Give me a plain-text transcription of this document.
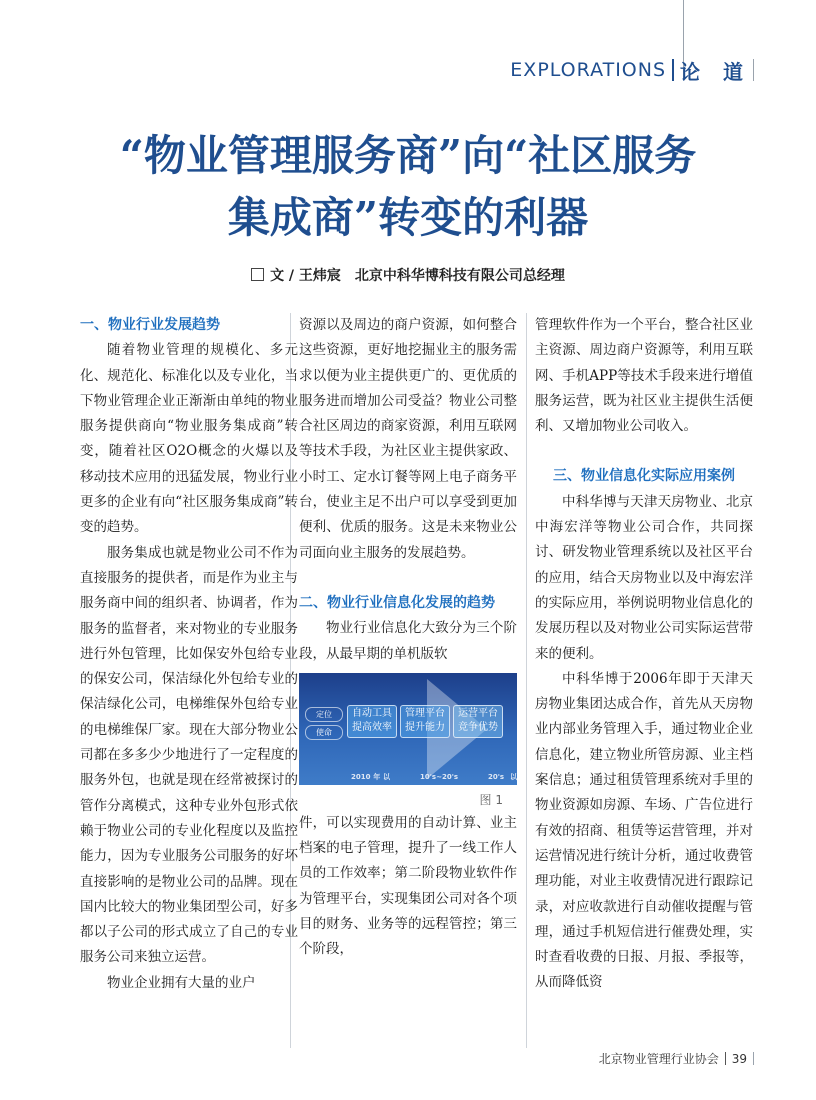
EXPLORATIONS 论 道
“物业管理服务商”向“社区服务
集成商”转变的利器
文 / 王炜宸　北京中科华博科技有限公司总经理
一、物业行业发展趋势

随着物业管理的规模化、多元化、规范化、标准化以及专业化，当下物业管理企业正渐渐由单纯的物业服务提供商向“物业服务集成商”转变，随着社区O2O概念的火爆以及移动技术应用的迅猛发展，物业行业更多的企业有向“社区服务集成商”转变的趋势。

服务集成也就是物业公司不作为直接服务的提供者，而是作为业主与服务商中间的组织者、协调者，作为服务的监督者，来对物业的专业服务进行外包管理，比如保安外包给专业的保安公司，保洁绿化外包给专业的保洁绿化公司，电梯维保外包给专业的电梯维保厂家。现在大部分物业公司都在多多少少地进行了一定程度的服务外包，也就是现在经常被探讨的管作分离模式，这种专业外包形式依赖于物业公司的专业化程度以及监控能力，因为专业服务公司服务的好坏直接影响的是物业公司的品牌。现在国内比较大的物业集团型公司，好多都以子公司的形式成立了自己的专业服务公司来独立运营。

物业企业拥有大量的业户

资源以及周边的商户资源，如何整合这些资源，更好地挖掘业主的服务需求以便为业主提供更广的、更优质的服务进而增加公司受益？物业公司整合社区周边的商家资源，利用互联网等技术手段，为社区业主提供家政、小时工、定水订餐等网上电子商务平台，使业主足不出户可以享受到更加便利、优质的服务。这是未来物业公司面向业主服务的发展趋势。

二、物业行业信息化发展的趋势

物业行业信息化大致分为三个阶段，从最早期的单机版软

定位
使命
自动工具提高效率
管理平台提升能力
运营平台竞争优势
2010年以	10's~20's	20's以
图 1

件，可以实现费用的自动计算、业主档案的电子管理，提升了一线工作人员的工作效率；第二阶段物业软件作为管理平台，实现集团公司对各个项目的财务、业务等的远程管控；第三个阶段，

管理软件作为一个平台，整合社区业主资源、周边商户资源等，利用互联网、手机APP等技术手段来进行增值服务运营，既为社区业主提供生活便利、又增加物业公司收入。

三、物业信息化实际应用案例

中科华博与天津天房物业、北京中海宏洋等物业公司合作，共同探讨、研发物业管理系统以及社区平台的应用，结合天房物业以及中海宏洋的实际应用，举例说明物业信息化的发展历程以及对物业公司实际运营带来的便利。

中科华博于2006年即于天津天房物业集团达成合作，首先从天房物业内部业务管理入手，通过物业企业信息化，建立物业所管房源、业主档案信息；通过租赁管理系统对手里的物业资源如房源、车场、广告位进行有效的招商、租赁等运营管理，并对运营情况进行统计分析，通过收费管理功能，对业主收费情况进行跟踪记录，对应收款进行自动催收提醒与管理，通过手机短信进行催费处理，实时查看收费的日报、月报、季报等，从而降低资

北京物业管理行业协会 39
